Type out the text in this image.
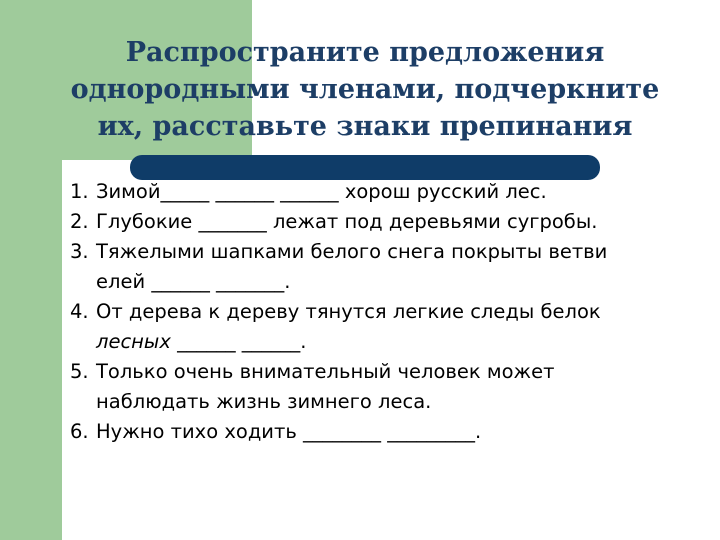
Распространите предложения
однородными членами, подчеркните
их, расставьте знаки препинания
1. Зимой_____ ______ ______ хорош русский лес.
2. Глубокие _______ лежат под деревьями сугробы.
3. Тяжелыми шапками белого снега покрыты ветви
елей ______ _______.
4. От дерева к дереву тянутся легкие следы белок
лесных ______ ______.
5. Только очень внимательный человек может
наблюдать жизнь зимнего леса.
6. Нужно тихо ходить ________ _________.
